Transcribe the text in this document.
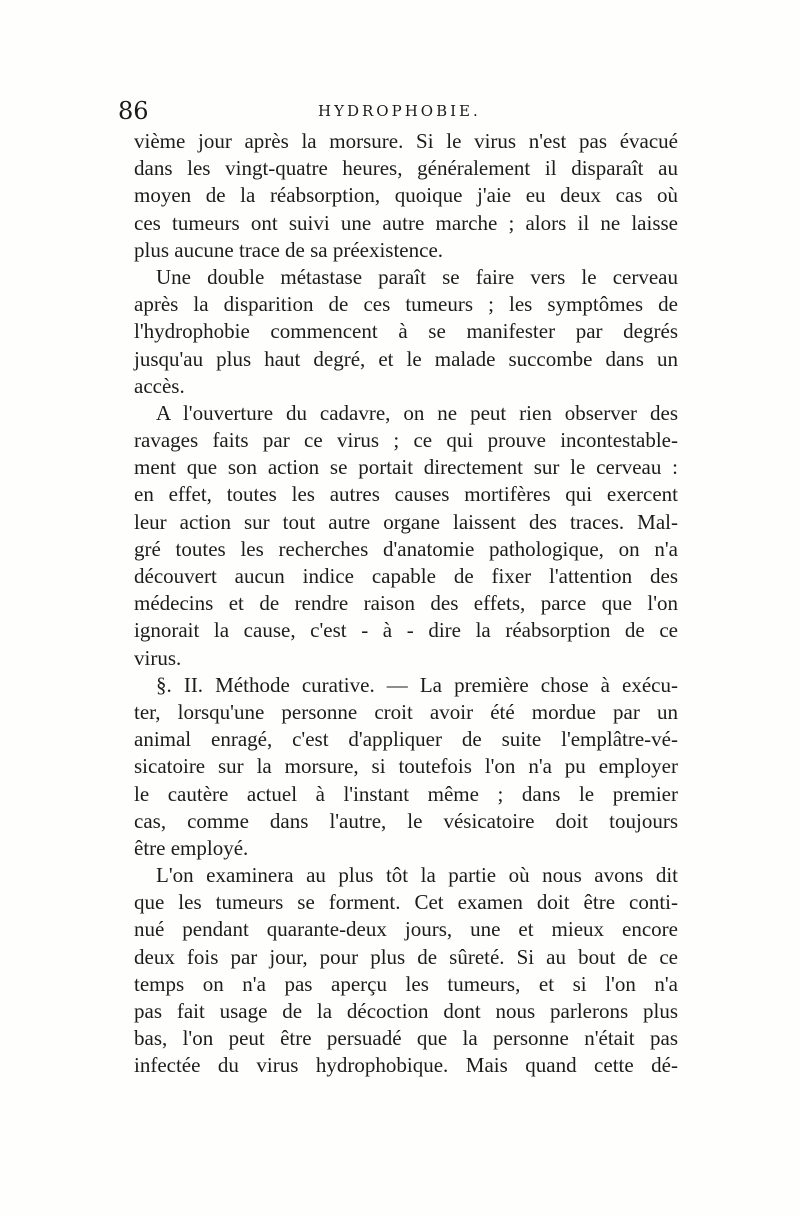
86	HYDROPHOBIE.
vième jour après la morsure. Si le virus n'est pas évacué
dans les vingt-quatre heures, généralement il disparaît au
moyen de la réabsorption, quoique j'aie eu deux cas où
ces tumeurs ont suivi une autre marche ; alors il ne laisse
plus aucune trace de sa préexistence.
Une double métastase paraît se faire vers le cerveau
après la disparition de ces tumeurs ; les symptômes de
l'hydrophobie commencent à se manifester par degrés
jusqu'au plus haut degré, et le malade succombe dans un
accès.
A l'ouverture du cadavre, on ne peut rien observer des
ravages faits par ce virus ; ce qui prouve incontestable-
ment que son action se portait directement sur le cerveau :
en effet, toutes les autres causes mortifères qui exercent
leur action sur tout autre organe laissent des traces. Mal-
gré toutes les recherches d'anatomie pathologique, on n'a
découvert aucun indice capable de fixer l'attention des
médecins et de rendre raison des effets, parce que l'on
ignorait la cause, c'est - à - dire la réabsorption de ce
virus.
§. II. Méthode curative. — La première chose à exécu-
ter, lorsqu'une personne croit avoir été mordue par un
animal enragé, c'est d'appliquer de suite l'emplâtre-vé-
sicatoire sur la morsure, si toutefois l'on n'a pu employer
le cautère actuel à l'instant même ; dans le premier
cas, comme dans l'autre, le vésicatoire doit toujours
être employé.
L'on examinera au plus tôt la partie où nous avons dit
que les tumeurs se forment. Cet examen doit être conti-
nué pendant quarante-deux jours, une et mieux encore
deux fois par jour, pour plus de sûreté. Si au bout de ce
temps on n'a pas aperçu les tumeurs, et si l'on n'a
pas fait usage de la décoction dont nous parlerons plus
bas, l'on peut être persuadé que la personne n'était pas
infectée du virus hydrophobique. Mais quand cette dé-
